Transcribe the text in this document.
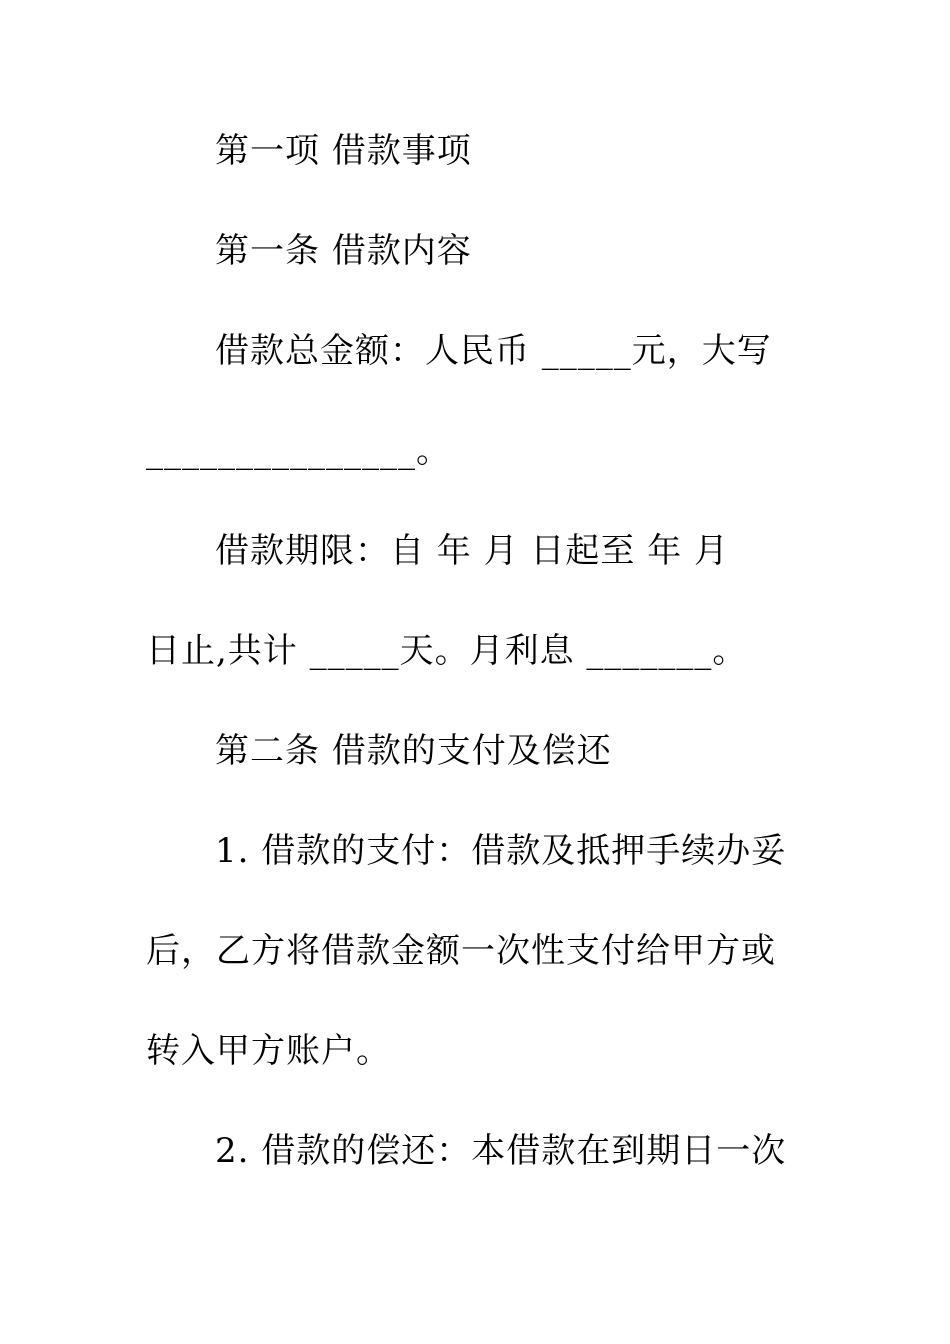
第一项 借款事项
第一条 借款内容
借款总金额：人民币 _____元，大写
_______________。
借款期限：自 年 月 日起至 年 月
日止,共计 _____天。月利息 _______。
第二条 借款的支付及偿还
1. 借款的支付：借款及抵押手续办妥
后，乙方将借款金额一次性支付给甲方或
转入甲方账户。
2. 借款的偿还：本借款在到期日一次
